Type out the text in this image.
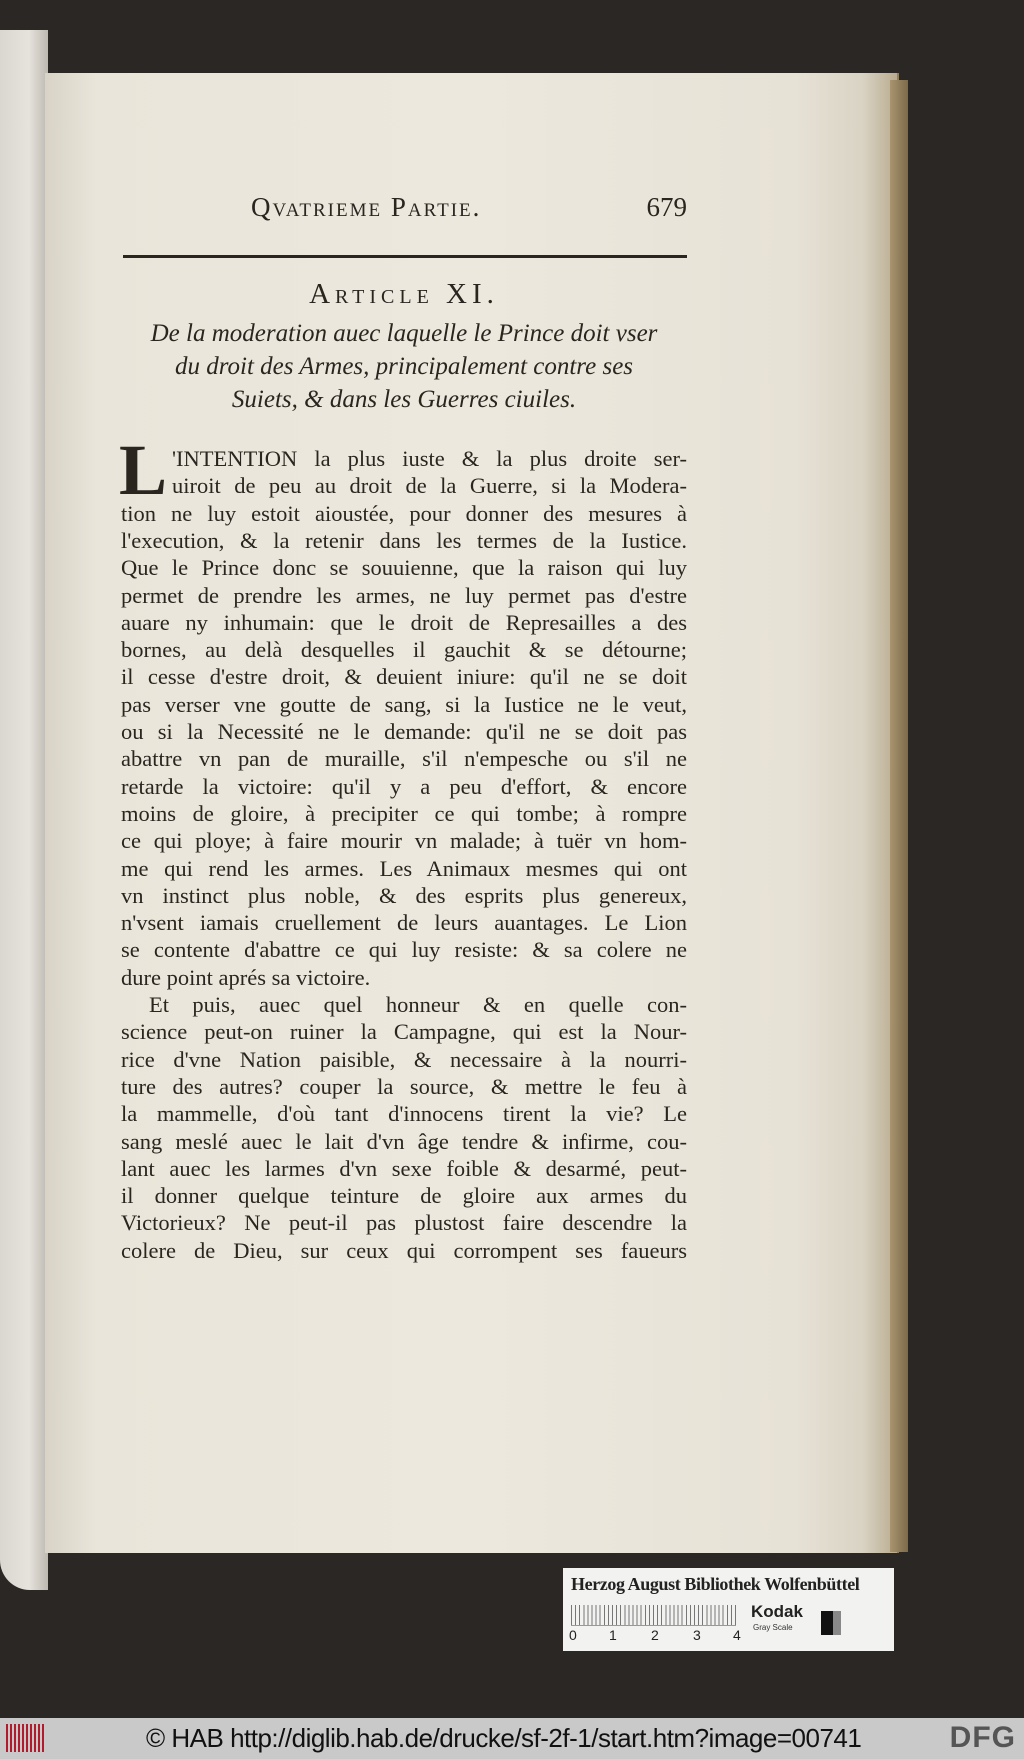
Qvatrieme Partie.	679
Article XI.
De la moderation auec laquelle le Prince doit vser
du droit des Armes, principalement contre ses
Suiets, & dans les Guerres ciuiles.
L 'INTENTION la plus iuste & la plus droite ser-
uiroit de peu au droit de la Guerre, si la Modera-
tion ne luy estoit aioustée, pour donner des mesures à
l'execution, & la retenir dans les termes de la Iustice.
Que le Prince donc se souuienne, que la raison qui luy
permet de prendre les armes, ne luy permet pas d'estre
auare ny inhumain: que le droit de Represailles a des
bornes, au delà desquelles il gauchit & se détourne;
il cesse d'estre droit, & deuient iniure: qu'il ne se doit
pas verser vne goutte de sang, si la Iustice ne le veut,
ou si la Necessité ne le demande: qu'il ne se doit pas
abattre vn pan de muraille, s'il n'empesche ou s'il ne
retarde la victoire: qu'il y a peu d'effort, & encore
moins de gloire, à precipiter ce qui tombe; à rompre
ce qui ploye; à faire mourir vn malade; à tuër vn hom-
me qui rend les armes. Les Animaux mesmes qui ont
vn instinct plus noble, & des esprits plus genereux,
n'vsent iamais cruellement de leurs auantages. Le Lion
se contente d'abattre ce qui luy resiste: & sa colere ne
dure point aprés sa victoire.
Et puis, auec quel honneur & en quelle con-
science peut-on ruiner la Campagne, qui est la Nour-
rice d'vne Nation paisible, & necessaire à la nourri-
ture des autres? couper la source, & mettre le feu à
la mammelle, d'où tant d'innocens tirent la vie? Le
sang meslé auec le lait d'vn âge tendre & infirme, cou-
lant auec les larmes d'vn sexe foible & desarmé, peut-
il donner quelque teinture de gloire aux armes du
Victorieux? Ne peut-il pas plustost faire descendre la
colere de Dieu, sur ceux qui corrompent ses faueurs
Herzog August Bibliothek Wolfenbüttel
0 1 2 3 4
Kodak
Gray Scale
© HAB http://diglib.hab.de/drucke/sf-2f-1/start.htm?image=00741	DFG
